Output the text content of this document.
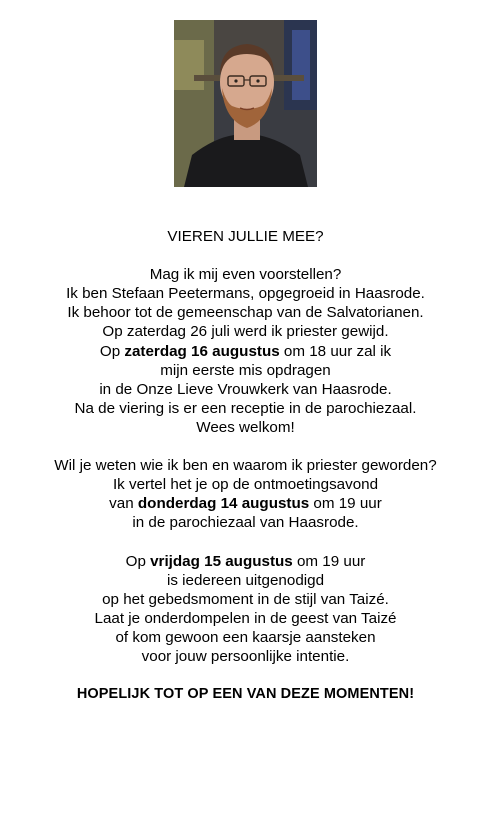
VIEREN JULLIE MEE?

Mag ik mij even voorstellen?

Ik ben Stefaan Peetermans, opgegroeid in Haasrode.

Ik behoor tot de gemeenschap van de Salvatorianen.

Op zaterdag 26 juli werd ik priester gewijd.

Op zaterdag 16 augustus om 18 uur zal ik

mijn eerste mis opdragen

in de Onze Lieve Vrouwkerk van Haasrode.

Na de viering is er een receptie in de parochiezaal.

Wees welkom!

Wil je weten wie ik ben en waarom ik priester geworden?

Ik vertel het je op de ontmoetingsavond

van donderdag 14 augustus om 19 uur

in de parochiezaal van Haasrode.

Op vrijdag 15 augustus om 19 uur

is iedereen uitgenodigd

op het gebedsmoment in de stijl van Taizé.

Laat je onderdompelen in de geest van Taizé

of kom gewoon een kaarsje aansteken

voor jouw persoonlijke intentie.

HOPELIJK TOT OP EEN VAN DEZE MOMENTEN!
